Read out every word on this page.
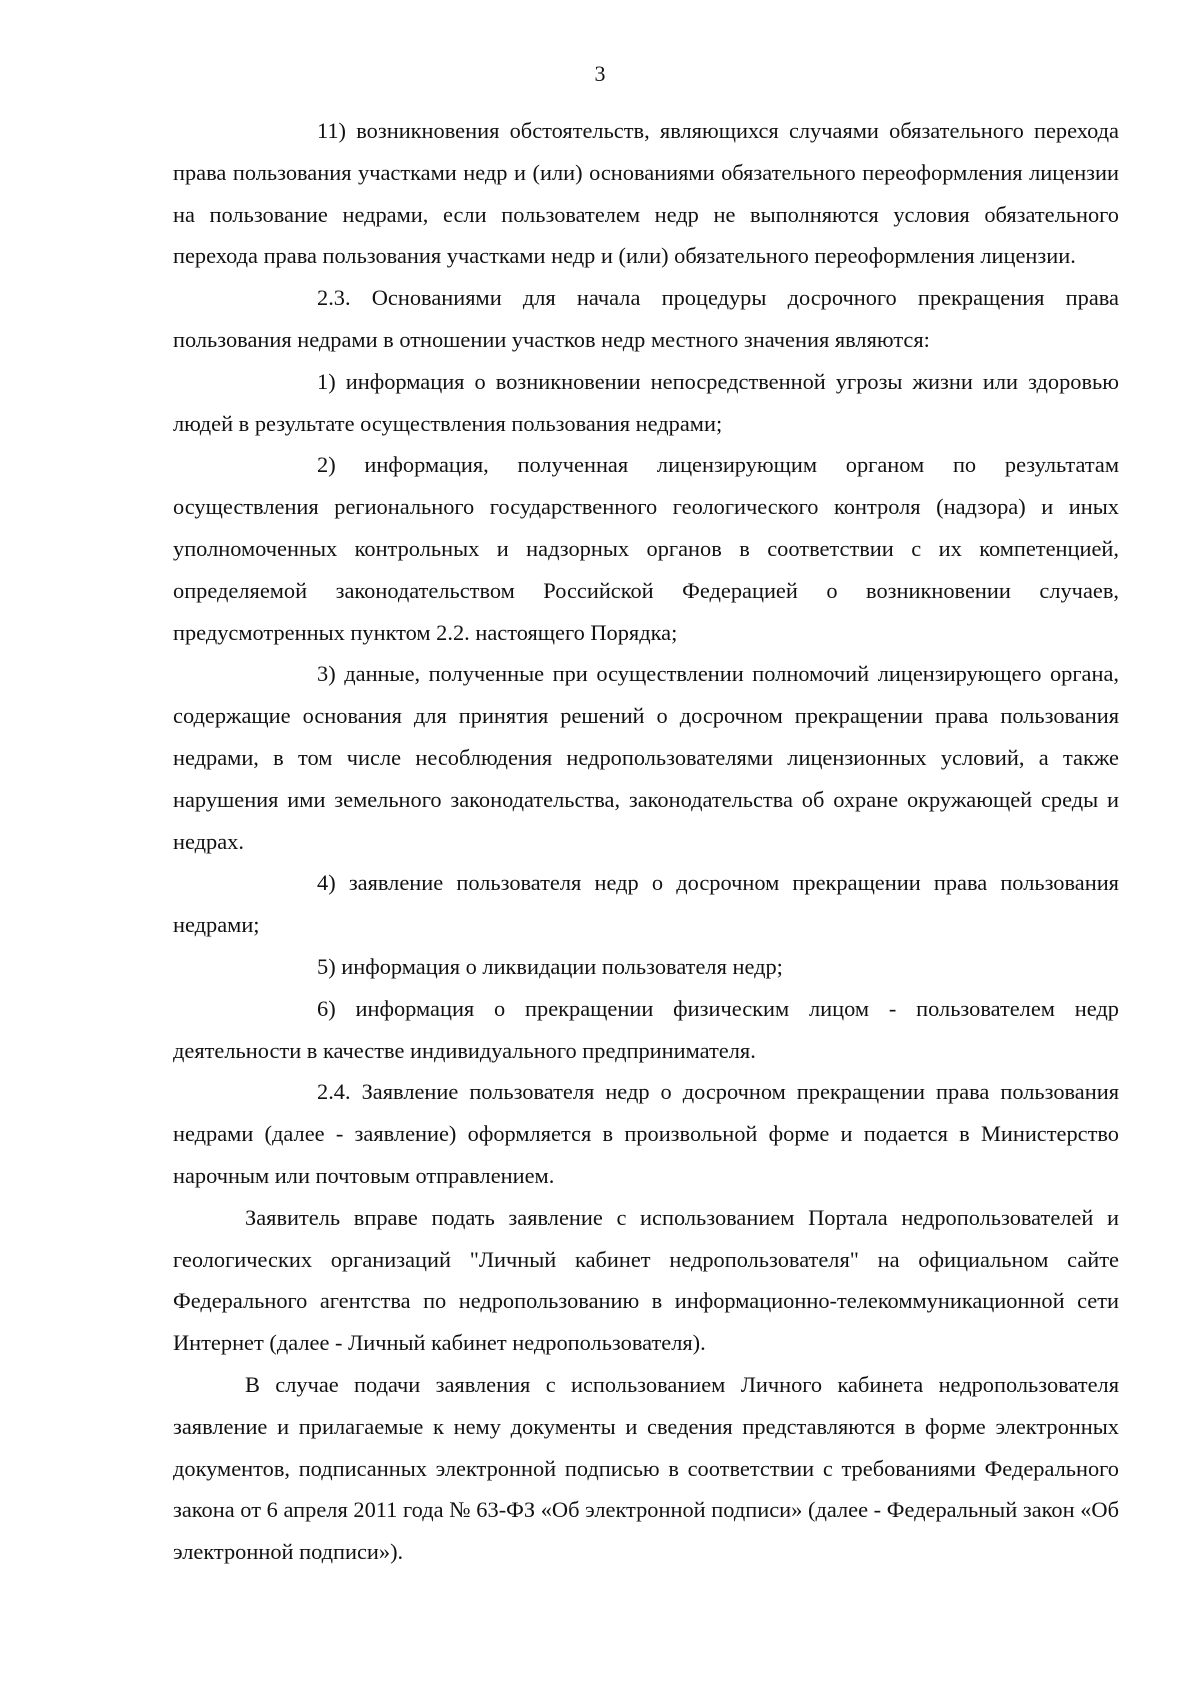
3

11) возникновения обстоятельств, являющихся случаями обязательного перехода права пользования участками недр и (или) основаниями обязательного переоформления лицензии на пользование недрами, если пользователем недр не выполняются условия обязательного перехода права пользования участками недр и (или) обязательного переоформления лицензии.

2.3. Основаниями для начала процедуры досрочного прекращения права пользования недрами в отношении участков недр местного значения являются:

1) информация о возникновении непосредственной угрозы жизни или здоровью людей в результате осуществления пользования недрами;

2) информация, полученная лицензирующим органом по результатам осуществления регионального государственного геологического контроля (надзора) и иных уполномоченных контрольных и надзорных органов в соответствии с их компетенцией, определяемой законодательством Российской Федерацией о возникновении случаев, предусмотренных пунктом 2.2. настоящего Порядка;

3) данные, полученные при осуществлении полномочий лицензирующего органа, содержащие основания для принятия решений о досрочном прекращении права пользования недрами, в том числе несоблюдения недропользователями лицензионных условий, а также нарушения ими земельного законодательства, законодательства об охране окружающей среды и недрах.

4) заявление пользователя недр о досрочном прекращении права пользования недрами;

5) информация о ликвидации пользователя недр;

6) информация о прекращении физическим лицом - пользователем недр деятельности в качестве индивидуального предпринимателя.

2.4. Заявление пользователя недр о досрочном прекращении права пользования недрами (далее - заявление) оформляется в произвольной форме и подается в Министерство нарочным или почтовым отправлением.

Заявитель вправе подать заявление с использованием Портала недропользователей и геологических организаций "Личный кабинет недропользователя" на официальном сайте Федерального агентства по недропользованию в информационно-телекоммуникационной сети Интернет (далее - Личный кабинет недропользователя).

В случае подачи заявления с использованием Личного кабинета недропользователя заявление и прилагаемые к нему документы и сведения представляются в форме электронных документов, подписанных электронной подписью в соответствии с требованиями Федерального закона от 6 апреля 2011 года № 63-ФЗ «Об электронной подписи» (далее - Федеральный закон «Об электронной подписи»).
